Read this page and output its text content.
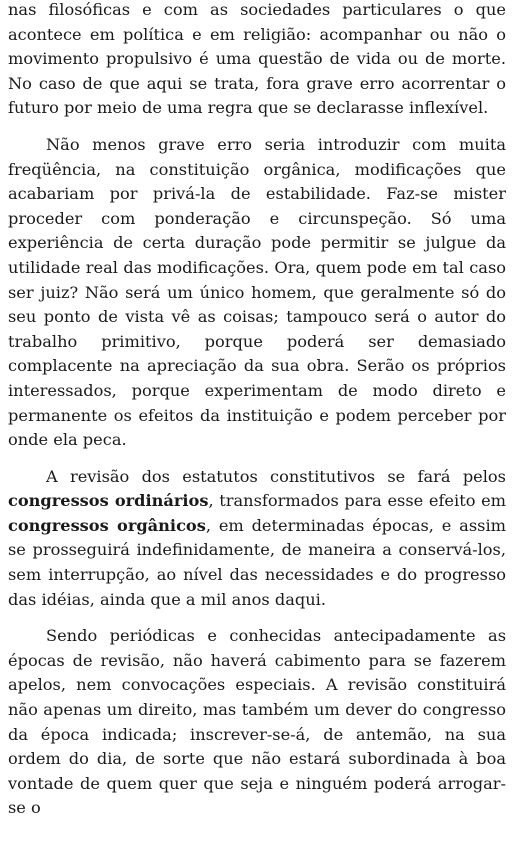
nas filosóficas e com as sociedades particulares o que acontece em política e em religião: acompanhar ou não o movimento propulsivo é uma questão de vida ou de morte. No caso de que aqui se trata, fora grave erro acorrentar o futuro por meio de uma regra que se declarasse inflexível.

Não menos grave erro seria introduzir com muita freqüência, na constituição orgânica, modificações que acabariam por privá-la de estabilidade. Faz-se mister proceder com ponderação e circunspeção. Só uma experiência de certa duração pode permitir se julgue da utilidade real das modificações. Ora, quem pode em tal caso ser juiz? Não será um único homem, que geralmente só do seu ponto de vista vê as coisas; tampouco será o autor do trabalho primitivo, porque poderá ser demasiado complacente na apreciação da sua obra. Serão os próprios interessados, porque experimentam de modo direto e permanente os efeitos da instituição e podem perceber por onde ela peca.

A revisão dos estatutos constitutivos se fará pelos congressos ordinários, transformados para esse efeito em congressos orgânicos, em determinadas épocas, e assim se prosseguirá indefinidamente, de maneira a conservá-los, sem interrupção, ao nível das necessidades e do progresso das idéias, ainda que a mil anos daqui.

Sendo periódicas e conhecidas antecipadamente as épocas de revisão, não haverá cabimento para se fazerem apelos, nem convocações especiais. A revisão constituirá não apenas um direito, mas também um dever do congresso da época indicada; inscrever-se-á, de antemão, na sua ordem do dia, de sorte que não estará subordinada à boa vontade de quem quer que seja e ninguém poderá arrogar-se o
